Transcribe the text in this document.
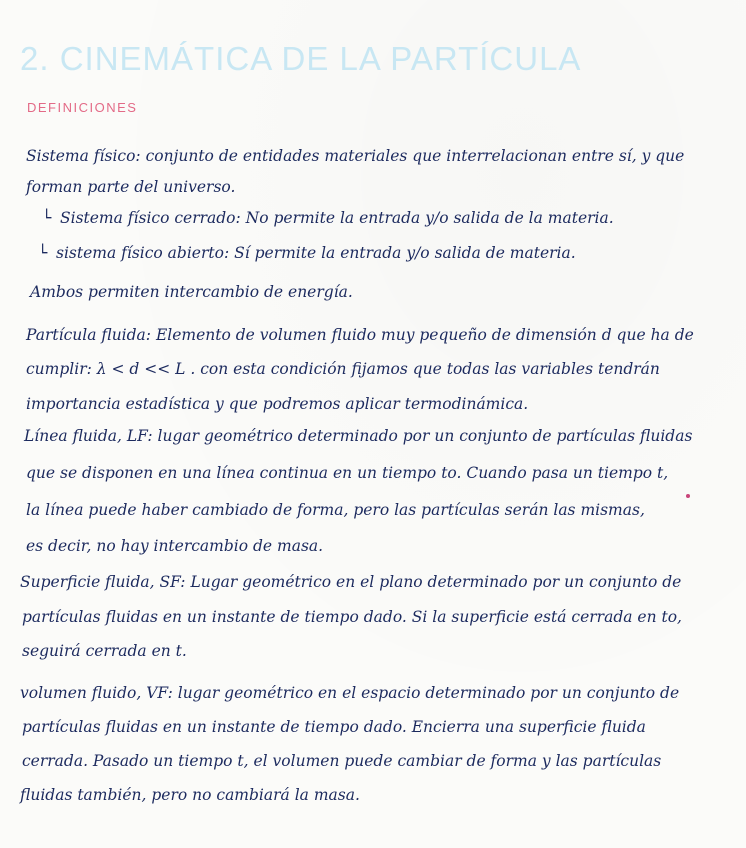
2. CINEMÁTICA DE LA PARTÍCULA
DEFINICIONES
Sistema físico: conjunto de entidades materiales que interrelacionan entre sí, y que
forman parte del universo.
└ Sistema físico cerrado: No permite la entrada y/o salida de la materia.
└ sistema físico abierto: Sí permite la entrada y/o salida de materia.
Ambos permiten intercambio de energía.
Partícula fluida: Elemento de volumen fluido muy pequeño de dimensión d que ha de
cumplir: λ < d << L . con esta condición fijamos que todas las variables tendrán
importancia estadística y que podremos aplicar termodinámica.
Línea fluida, LF: lugar geométrico determinado por un conjunto de partículas fluidas
que se disponen en una línea continua en un tiempo to. Cuando pasa un tiempo t,
la línea puede haber cambiado de forma, pero las partículas serán las mismas,
es decir, no hay intercambio de masa.
Superficie fluida, SF: Lugar geométrico en el plano determinado por un conjunto de
partículas fluidas en un instante de tiempo dado. Si la superficie está cerrada en to,
seguirá cerrada en t.
volumen fluido, VF: lugar geométrico en el espacio determinado por un conjunto de
partículas fluidas en un instante de tiempo dado. Encierra una superficie fluida
cerrada. Pasado un tiempo t, el volumen puede cambiar de forma y las partículas
fluidas también, pero no cambiará la masa.
